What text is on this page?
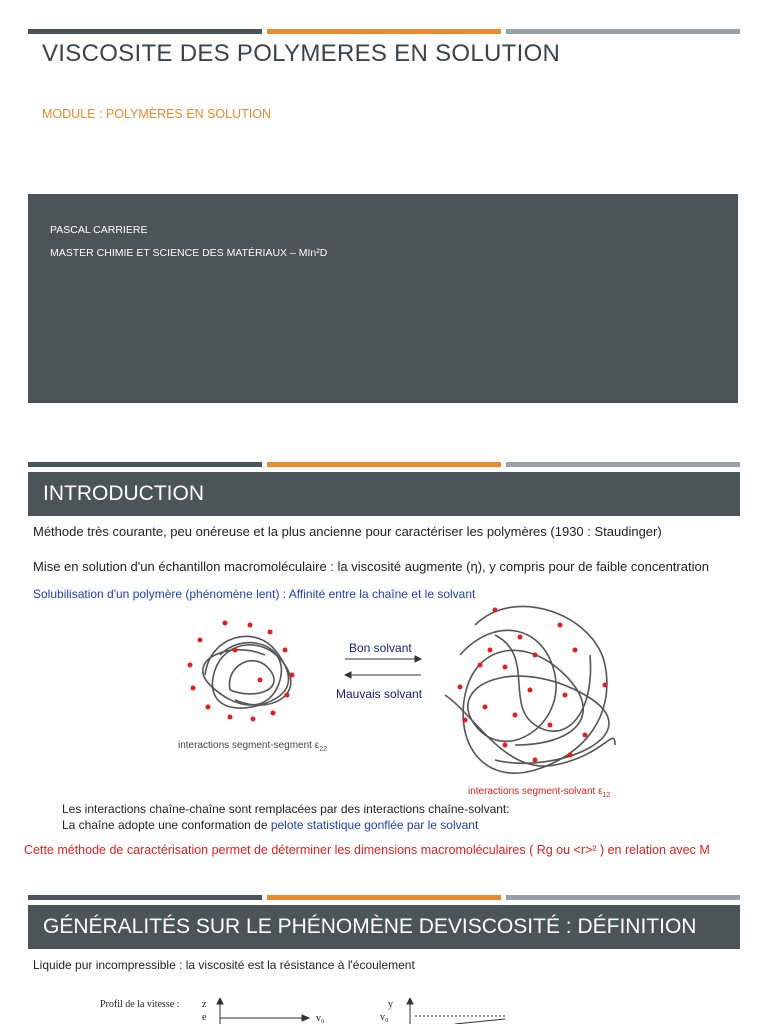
VISCOSITE DES POLYMERES EN SOLUTION
MODULE : POLYMÈRES EN SOLUTION
PASCAL CARRIERE
MASTER CHIMIE ET SCIENCE DES MATÉRIAUX – MIn²D
INTRODUCTION
Méthode très courante, peu onéreuse et la plus ancienne pour caractériser les polymères (1930 : Staudinger)
Mise en solution d'un échantillon macromoléculaire : la viscosité augmente (η), y compris pour de faible concentration
Solubilisation d'un polymère (phénomène lent) : Affinité entre la chaîne et le solvant
Bon solvant
Mauvais solvant
interactions segment-segment $\varepsilon_{22}$
interactions segment-solvant $\varepsilon_{12}$
Les interactions chaîne-chaîne sont remplacées par des interactions chaîne-solvant:
La chaîne adopte une conformation de pelote statistique gonflée par le solvant
Cette méthode de caractérisation permet de déterminer les dimensions macromoléculaires ( Rg ou <r>² ) en relation avec M
GÉNÉRALITÉS SUR LE PHÉNOMÈNE DEVISCOSITÉ : DÉFINITION
Liquide pur incompressible : la viscosité est la résistance à l'écoulement
Profil de la vitesse : z
e	v₀
y
v₀
